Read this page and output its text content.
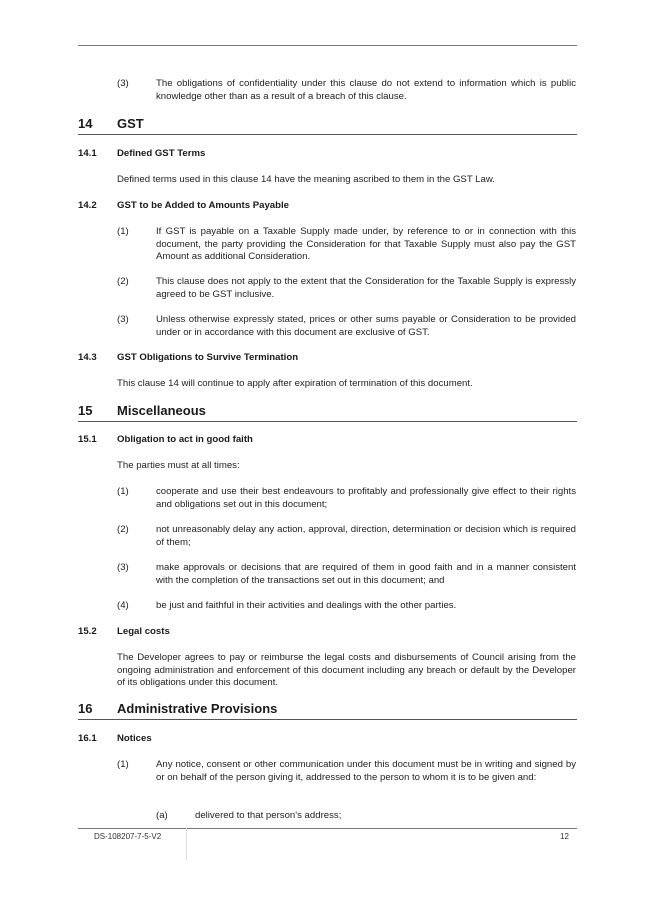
(3)	The obligations of confidentiality under this clause do not extend to information which is public knowledge other than as a result of a breach of this clause.
14 GST
14.1 Defined GST Terms
Defined terms used in this clause 14 have the meaning ascribed to them in the GST Law.
14.2 GST to be Added to Amounts Payable
(1)	If GST is payable on a Taxable Supply made under, by reference to or in connection with this document, the party providing the Consideration for that Taxable Supply must also pay the GST Amount as additional Consideration.
(2)	This clause does not apply to the extent that the Consideration for the Taxable Supply is expressly agreed to be GST inclusive.
(3)	Unless otherwise expressly stated, prices or other sums payable or Consideration to be provided under or in accordance with this document are exclusive of GST.
14.3 GST Obligations to Survive Termination
This clause 14 will continue to apply after expiration of termination of this document.
15 Miscellaneous
15.1 Obligation to act in good faith
The parties must at all times:
(1)	cooperate and use their best endeavours to profitably and professionally give effect to their rights and obligations set out in this document;
(2)	not unreasonably delay any action, approval, direction, determination or decision which is required of them;
(3)	make approvals or decisions that are required of them in good faith and in a manner consistent with the completion of the transactions set out in this document; and
(4)	be just and faithful in their activities and dealings with the other parties.
15.2 Legal costs
The Developer agrees to pay or reimburse the legal costs and disbursements of Council arising from the ongoing administration and enforcement of this document including any breach or default by the Developer of its obligations under this document.
16 Administrative Provisions
16.1 Notices
(1)	Any notice, consent or other communication under this document must be in writing and signed by or on behalf of the person giving it, addressed to the person to whom it is to be given and:
(a)	delivered to that person's address;
DS-108207-7-5-V2	12
